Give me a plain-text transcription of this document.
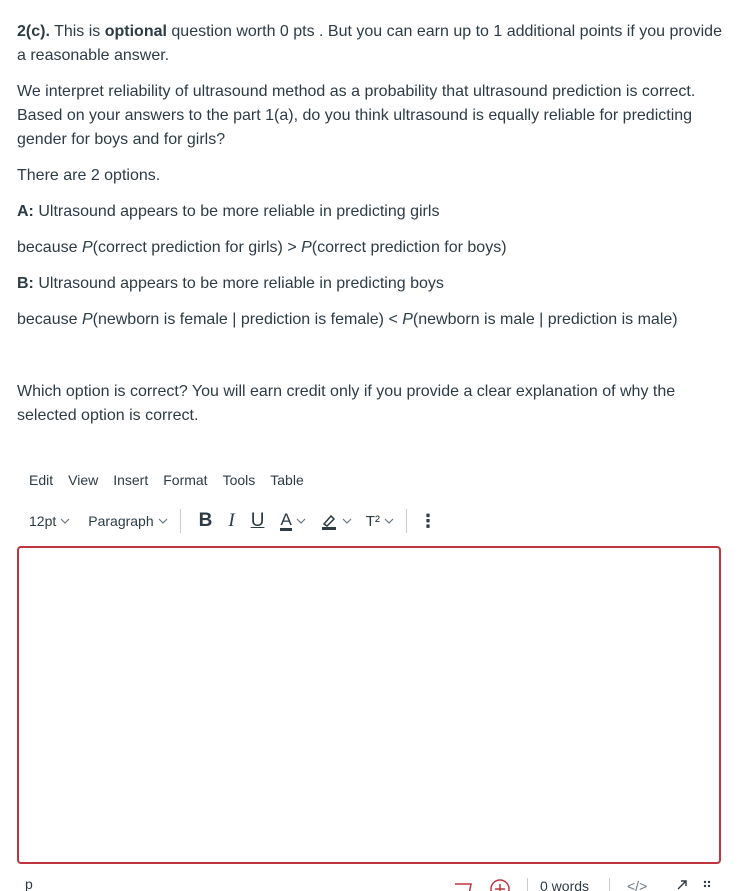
2(c). This is optional question worth 0 pts . But you can earn up to 1 additional points if you provide a reasonable answer.

We interpret reliability of ultrasound method as a probability that ultrasound prediction is correct. Based on your answers to the part 1(a), do you think ultrasound is equally reliable for predicting gender for boys and for girls?

There are 2 options.

A: Ultrasound appears to be more reliable in predicting girls

because P(correct prediction for girls) > P(correct prediction for boys)

B: Ultrasound appears to be more reliable in predicting boys

because P(newborn is female | prediction is female) < P(newborn is male | prediction is male)

Which option is correct? You will earn credit only if you provide a clear explanation of why the selected option is correct.

Edit View Insert Format Tools Table
12pt Paragraph B I U A	T² ⋮
p	0 words	</>
